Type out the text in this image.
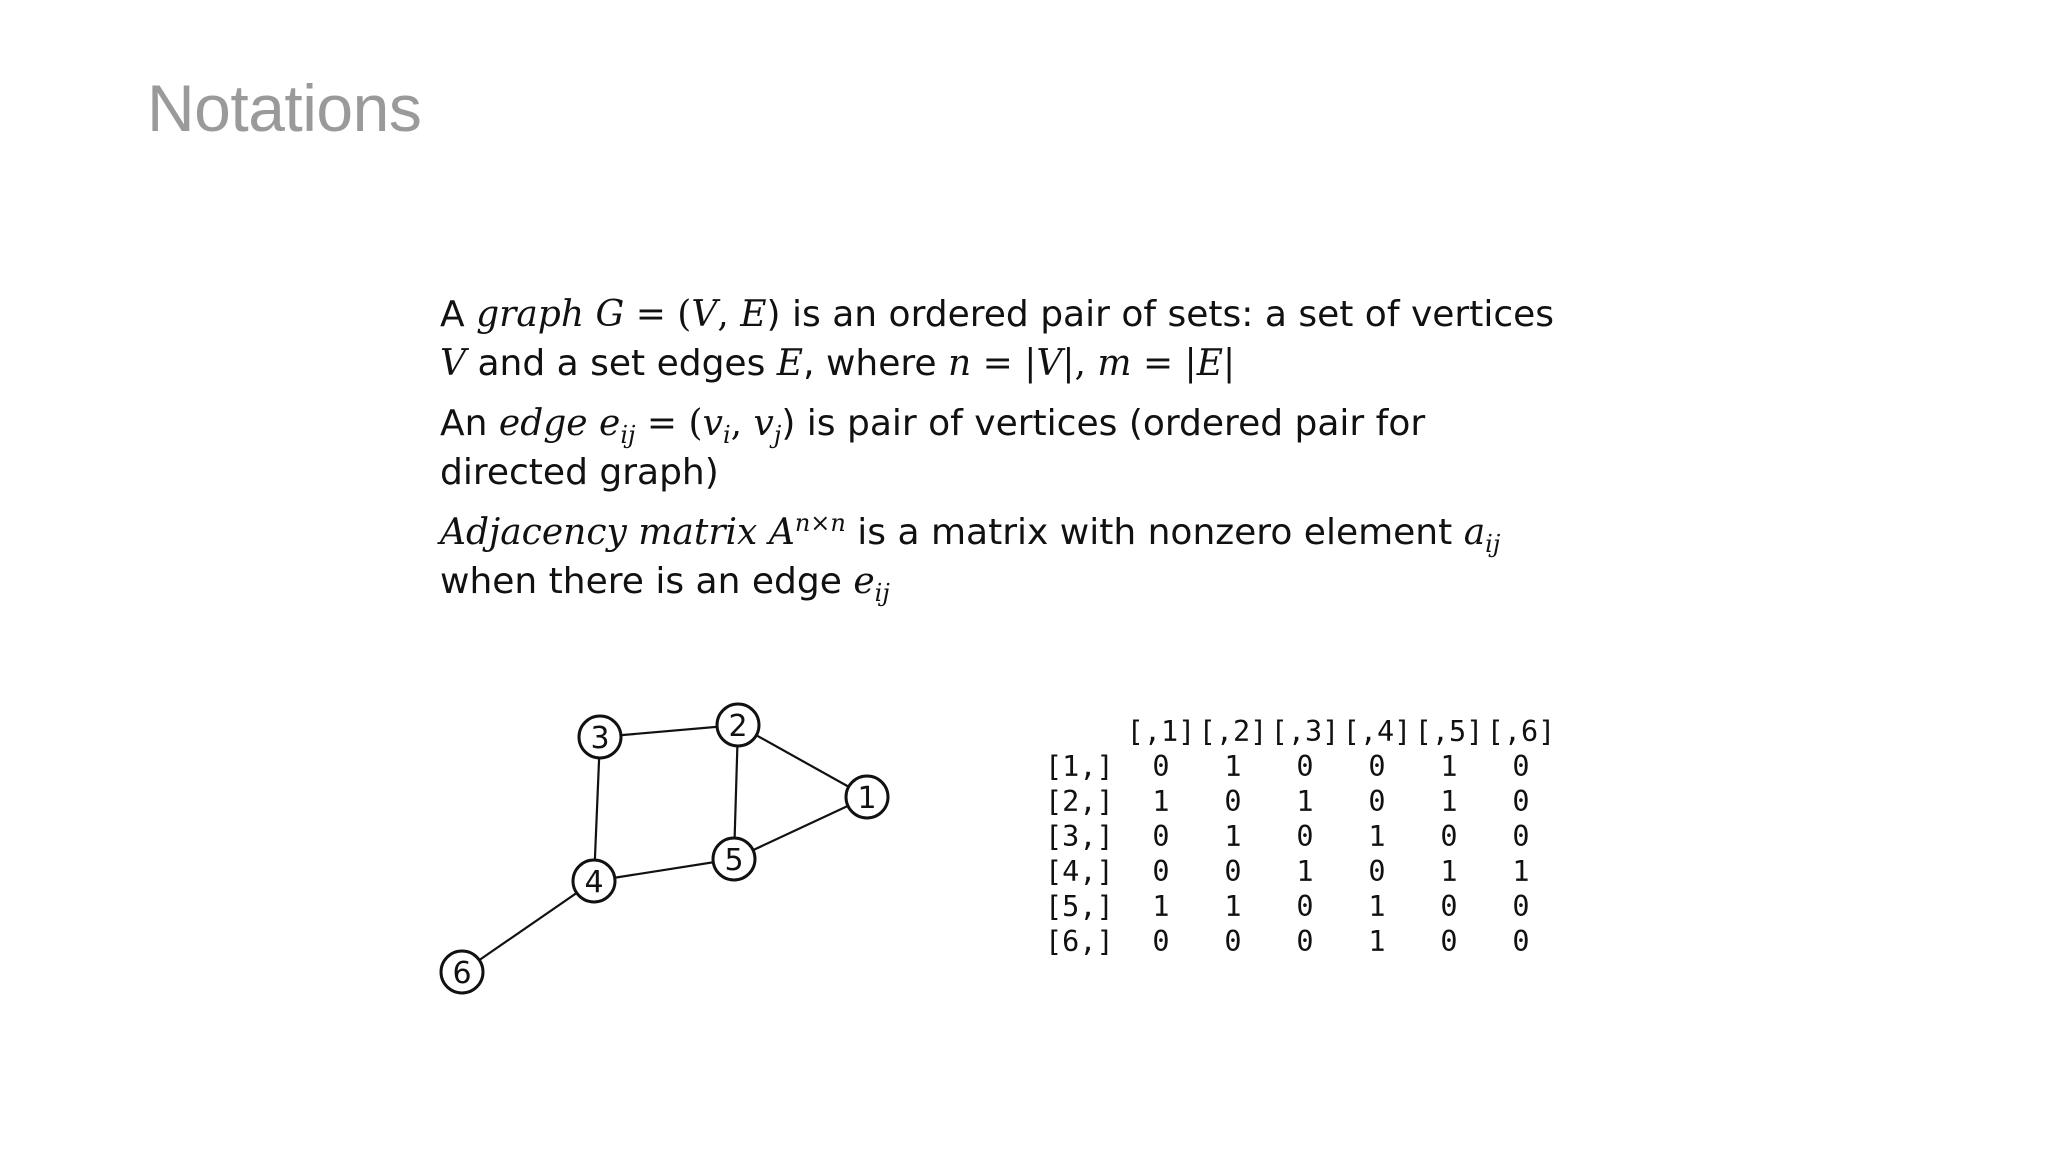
Notations

A graph G = (V, E) is an ordered pair of sets: a set of vertices V and a set edges E, where n = |V|, m = |E|

An edge $e_{ij} = (v_i$, $v_j$) is pair of vertices (ordered pair for directed graph)

Adjacency matrix $A^{n\times n}$ is a matrix with nonzero element $a_{ij}$ when there is an edge $e_{ij}$

1
2
3
4
5
6
	[,1]	[,2]	[,3]	[,4]	[,5]	[,6]
[1,]	0	1	0	0	1	0
[2,]	1	0	1	0	1	0
[3,]	0	1	0	1	0	0
[4,]	0	0	1	0	1	1
[5,]	1	1	0	1	0	0
[6,]	0	0	0	1	0	0
